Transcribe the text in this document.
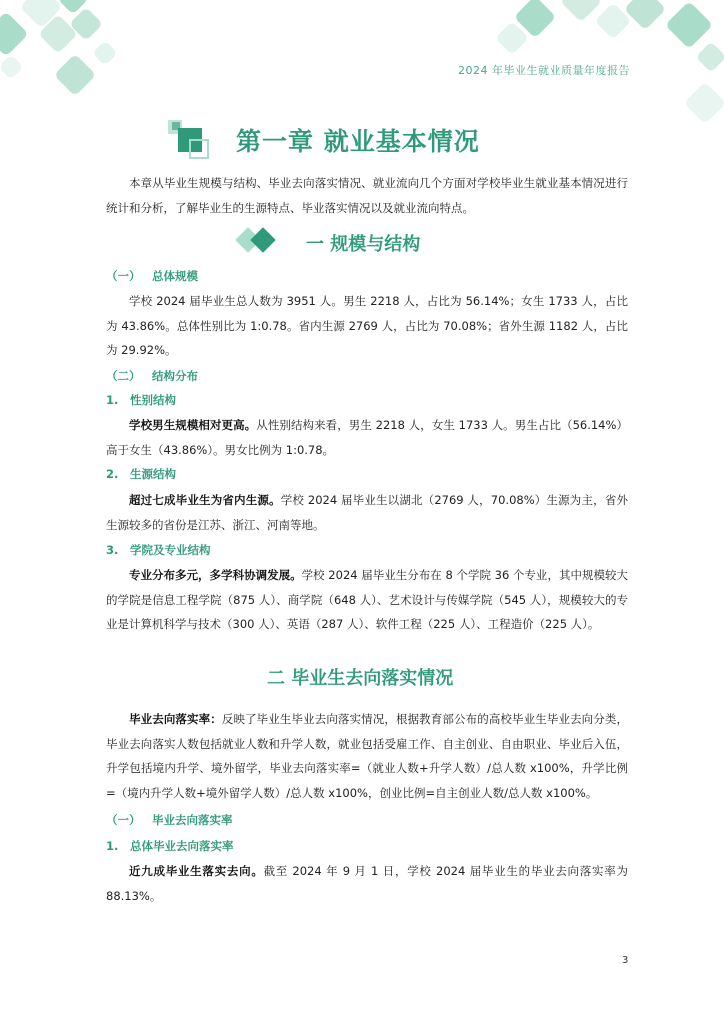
2024 年毕业生就业质量年度报告
第一章 就业基本情况
本章从毕业生规模与结构、毕业去向落实情况、就业流向几个方面对学校毕业生就业基本情况进行统计和分析，了解毕业生的生源特点、毕业落实情况以及就业流向特点。
一 规模与结构
（一） 总体规模
学校 2024 届毕业生总人数为 3951 人。男生 2218 人，占比为 56.14%；女生 1733 人，占比为 43.86%。总体性别比为 1:0.78。省内生源 2769 人，占比为 70.08%；省外生源 1182 人，占比为 29.92%。
（二） 结构分布
1. 性别结构
学校男生规模相对更高。从性别结构来看，男生 2218 人，女生 1733 人。男生占比（56.14%）高于女生（43.86%）。男女比例为 1:0.78。
2. 生源结构
超过七成毕业生为省内生源。学校 2024 届毕业生以湖北（2769 人，70.08%）生源为主，省外生源较多的省份是江苏、浙江、河南等地。
3. 学院及专业结构
专业分布多元，多学科协调发展。学校 2024 届毕业生分布在 8 个学院 36 个专业，其中规模较大的学院是信息工程学院（875 人）、商学院（648 人）、艺术设计与传媒学院（545 人），规模较大的专业是计算机科学与技术（300 人）、英语（287 人）、软件工程（225 人）、工程造价（225 人）。
二 毕业生去向落实情况
毕业去向落实率：反映了毕业生毕业去向落实情况，根据教育部公布的高校毕业生毕业去向分类，毕业去向落实人数包括就业人数和升学人数，就业包括受雇工作、自主创业、自由职业、毕业后入伍，升学包括境内升学、境外留学，毕业去向落实率=（就业人数+升学人数）/总人数 x100%，升学比例=（境内升学人数+境外留学人数）/总人数 x100%，创业比例=自主创业人数/总人数 x100%。
（一） 毕业去向落实率
1. 总体毕业去向落实率
近九成毕业生落实去向。截至 2024 年 9 月 1 日，学校 2024 届毕业生的毕业去向落实率为 88.13%。
3
